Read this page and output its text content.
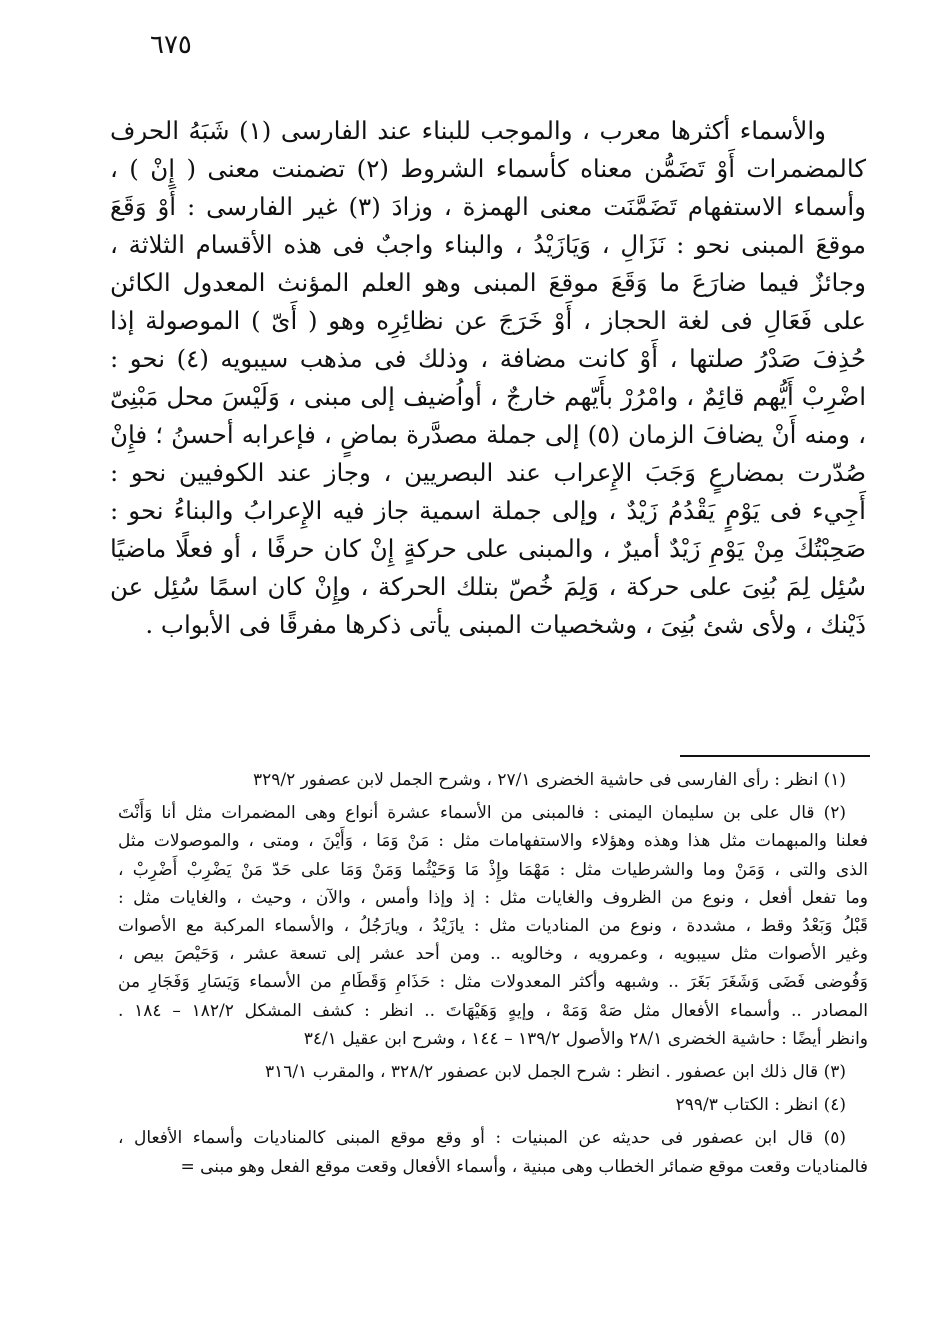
٦٧٥

والأسماء أكثرها معرب ، والموجب للبناء عند الفارسى (١) شَبَهُ الحرف كالمضمرات أَوْ تَضَمُّن معناه كأسماء الشروط (٢) تضمنت معنى ( إِنْ ) ، وأسماء الاستفهام تَضَمَّنَت معنى الهمزة ، وزادَ (٣) غير الفارسى : أَوْ وَقَعَ موقعَ المبنى نحو : نَزَالِ ، وَيَازَيْدُ ، والبناء واجبٌ فى هذه الأقسام الثلاثة ، وجائزٌ فيما ضارَعَ ما وَقَعَ موقعَ المبنى وهو العلم المؤنث المعدول الكائن على فَعَالِ فى لغة الحجاز ، أَوْ خَرَجَ عن نظائِرِه وهو ( أَىّ ) الموصولة إذا حُذِفَ صَدْرُ صلتها ، أَوْ كانت مضافة ، وذلك فى مذهب سيبويه (٤) نحو : اضْرِبْ أَيُّهم قائِمٌ ، وامْرُرْ بأَيّهم خارجٌ ، أواُضيف إلى مبنى ، وَلَيْسَ محل مَبْنِىّ ، ومنه أَنْ يضافَ الزمان (٥) إلى جملة مصدَّرة بماضٍ ، فإعرابه أحسنُ ؛ فإِنْ صُدّرت بمضارعٍ وَجَبَ الإِعراب عند البصريين ، وجاز عند الكوفيين نحو : أَجِيء فى يَوْمٍ يَقْدُمُ زَيْدٌ ، وإلى جملة اسمية جاز فيه الإِعرابُ والبناءُ نحو : صَحِبْتُكَ مِنْ يَوْمِ زَيْدٌ أميرٌ ، والمبنى على حركةٍ إِنْ كان حرفًا ، أو فعلًا ماضيًا سُئِل لِمَ بُنِىَ على حركة ، وَلِمَ خُصّ بتلك الحركة ، وإِنْ كان اسمًا سُئِل عن ذَيْنك ، ولأى شئ بُنِىَ ، وشخصيات المبنى يأتى ذكرها مفرقًا فى الأبواب .

(١) انظر : رأى الفارسى فى حاشية الخضرى ٢٧/١ ، وشرح الجمل لابن عصفور ٣٢٩/٢

(٢) قال على بن سليمان اليمنى : فالمبنى من الأسماء عشرة أنواع وهى المضمرات مثل أنا وَأَنْتَ
فعلنا والمبهمات مثل هذا وهذه وهؤلاء والاستفهامات مثل : مَنْ وَمَا ، وَأَيْنَ ، ومتى ، والموصولات مثل
الذى والتى ، وَمَنْ وما والشرطيات مثل : مَهْمَا وإِذْ مَا وَحَيْثُما وَمَنْ وَمَا على حَدّ مَنْ يَضْرِبْ أَضْرِبْ ،
وما تفعل أفعل ، ونوع من الظروف والغايات مثل : إذ وإذا وأمس ، والآن ، وحيث ، والغايات مثل :
قَبْلُ وَبَعْدُ وقط ، مشددة ، ونوع من المناديات مثل : يازَيْدُ ، ويارَجُلُ ، والأسماء المركبة مع الأصوات
وغير الأصوات مثل سيبويه ، وعمرويه ، وخالويه .. ومن أحد عشر إلى تسعة عشر ، وَحَيْصَ بيص ،
وَفُوضى فَضَى وَشَغَرَ بَغَرَ .. وشبهه وأكثر المعدولات مثل : حَذَامِ وَقَطَامِ من الأسماء وَيَسَارِ وَفَجَارِ من
المصادر .. وأسماء الأفعال مثل صَهْ وَمَهْ ، وإيهٍ وَهَيْهَاتَ .. انظر : كشف المشكل ١٨٢/٢ – ١٨٤ .
وانظر أيضًا : حاشية الخضرى ٢٨/١ والأصول ١٣٩/٢ – ١٤٤ ، وشرح ابن عقيل ٣٤/١

(٣) قال ذلك ابن عصفور . انظر : شرح الجمل لابن عصفور ٣٢٨/٢ ، والمقرب ٣١٦/١

(٤) انظر : الكتاب ٢٩٩/٣

(٥) قال ابن عصفور فى حديثه عن المبنيات : أو وقع موقع المبنى كالمناديات وأسماء الأفعال ،
فالمناديات وقعت موقع ضمائر الخطاب وهى مبنية ، وأسماء الأفعال وقعت موقع الفعل وهو مبنى =
